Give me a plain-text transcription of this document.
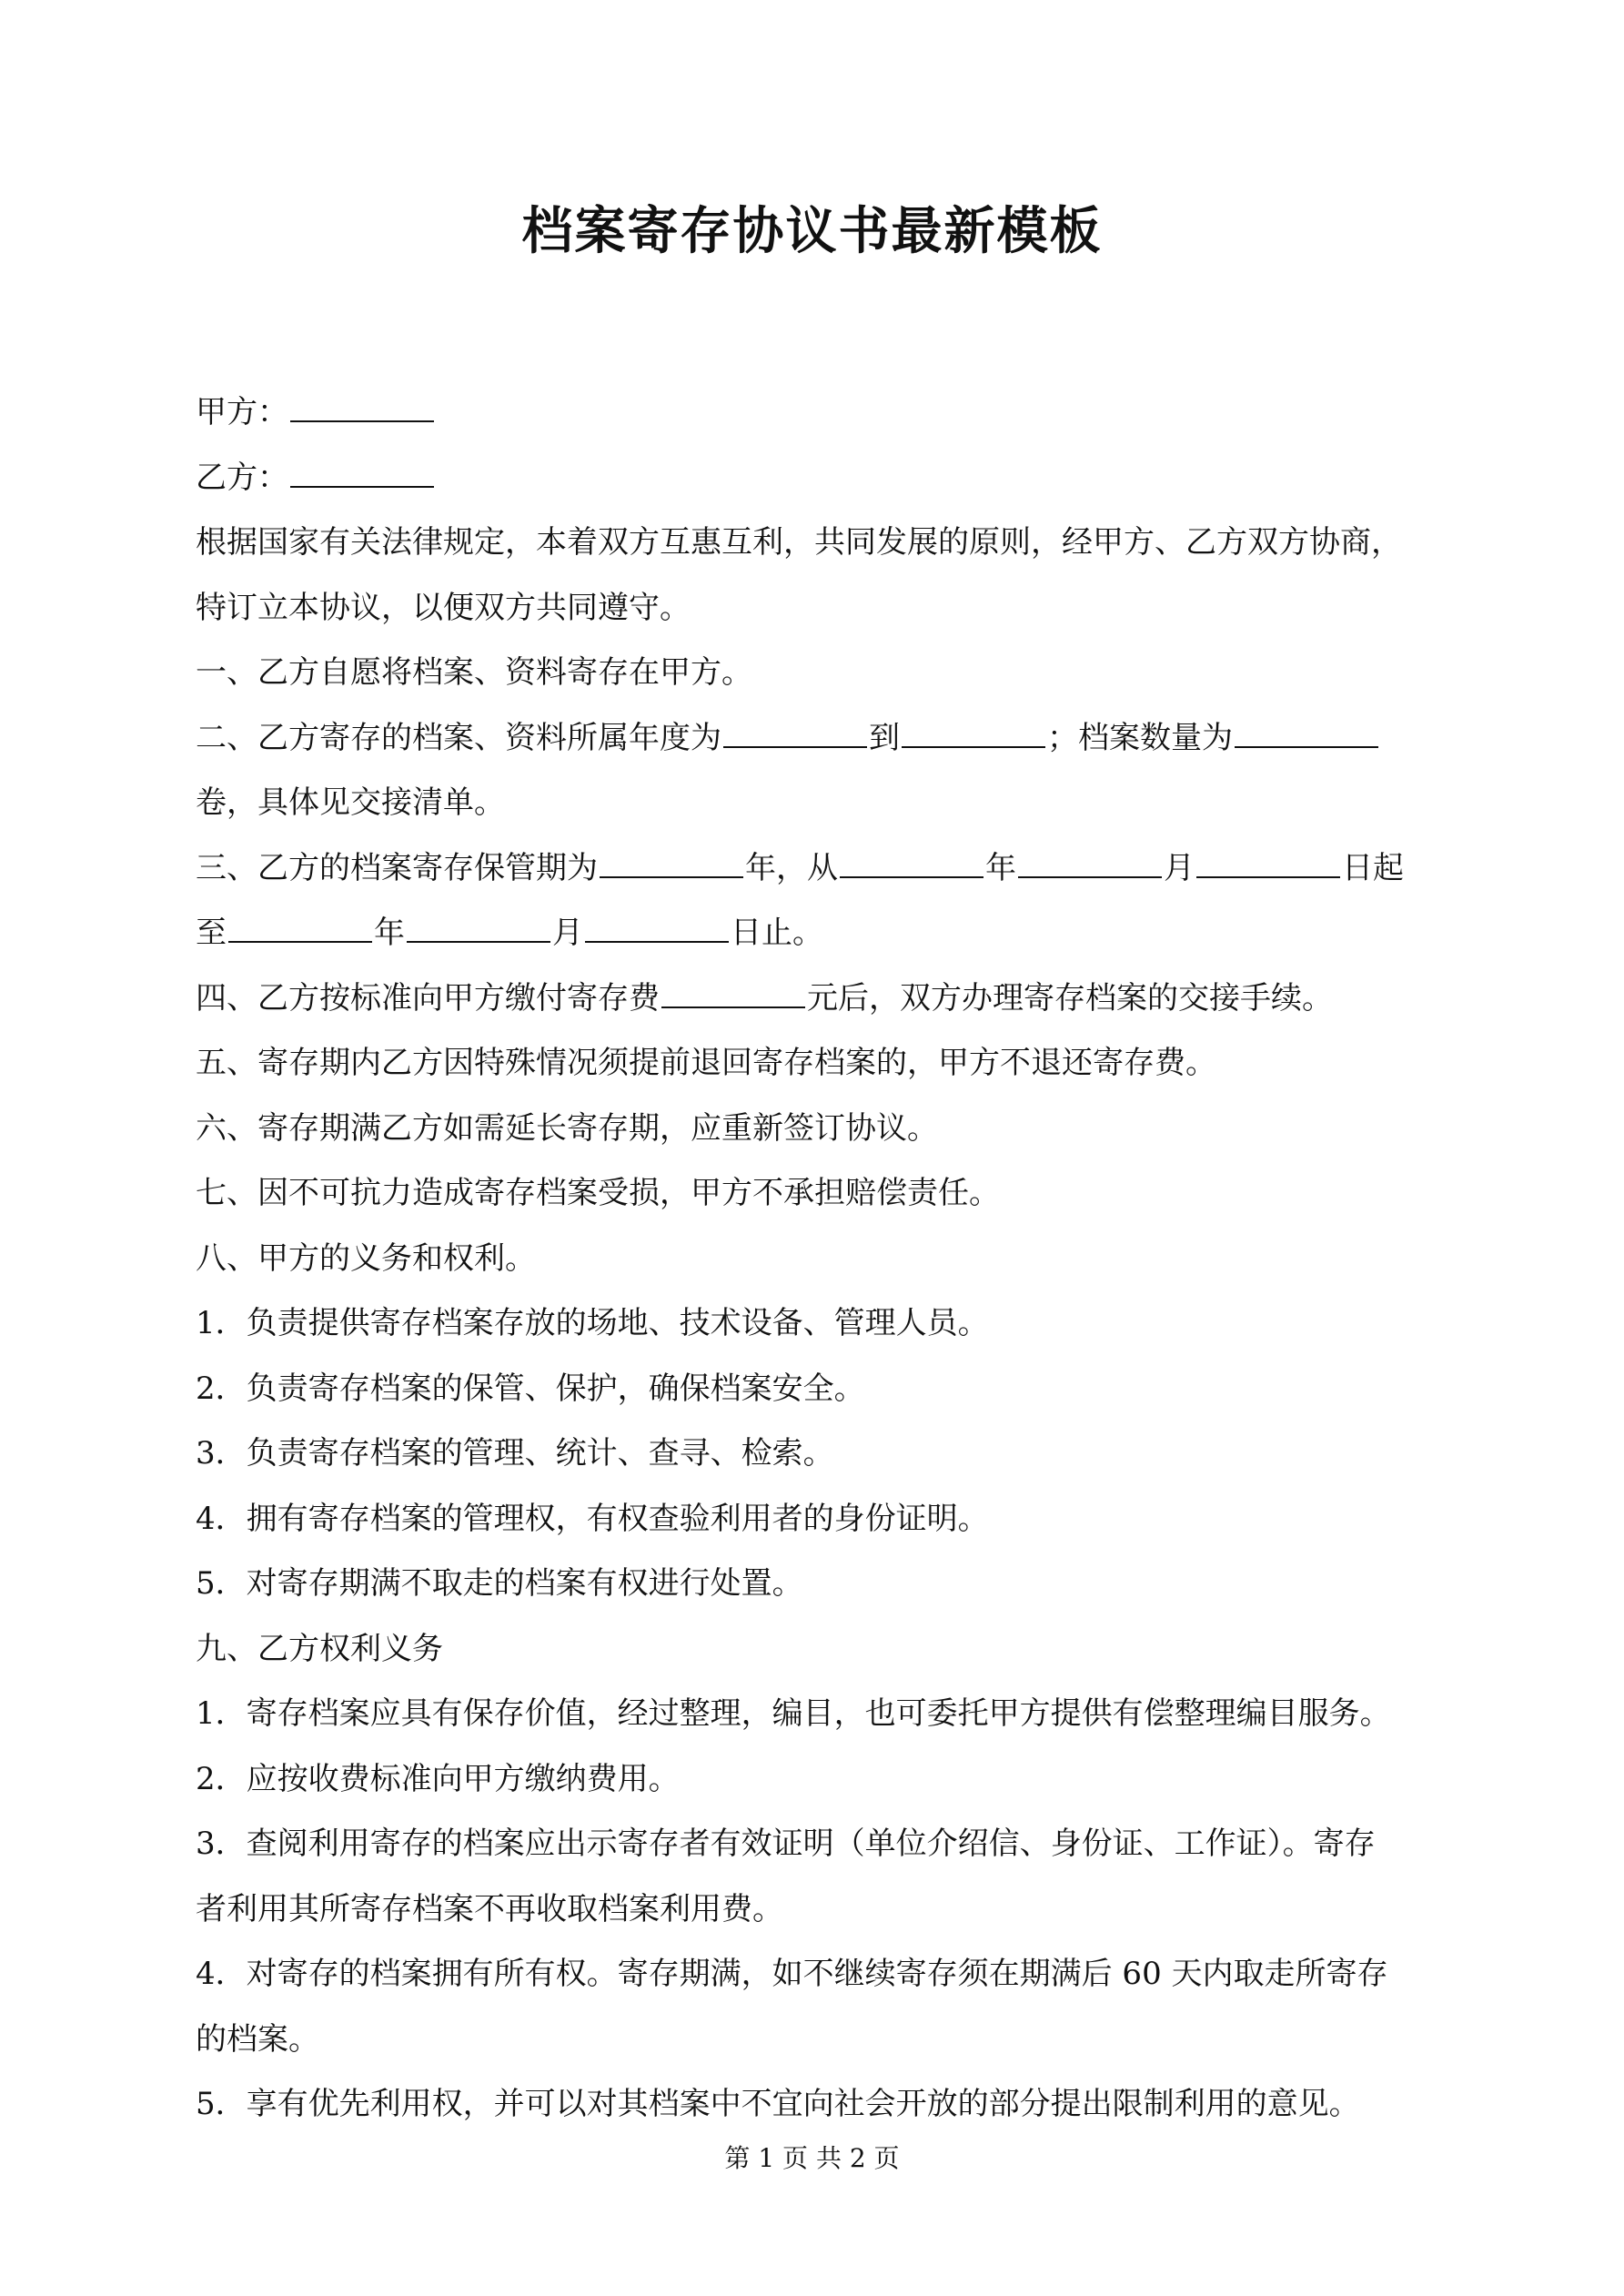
档案寄存协议书最新模板

甲方：

乙方：

根据国家有关法律规定，本着双方互惠互利，共同发展的原则，经甲方、乙方双方协商，

特订立本协议，以便双方共同遵守。

一、乙方自愿将档案、资料寄存在甲方。

二、乙方寄存的档案、资料所属年度为	到	；档案数量为

卷，具体见交接清单。

三、乙方的档案寄存保管期为	年，从	年	月	日起

至	年	月	日止。

四、乙方按标准向甲方缴付寄存费	元后，双方办理寄存档案的交接手续。

五、寄存期内乙方因特殊情况须提前退回寄存档案的，甲方不退还寄存费。

六、寄存期满乙方如需延长寄存期，应重新签订协议。

七、因不可抗力造成寄存档案受损，甲方不承担赔偿责任。

八、甲方的义务和权利。

1．负责提供寄存档案存放的场地、技术设备、管理人员。

2．负责寄存档案的保管、保护，确保档案安全。

3．负责寄存档案的管理、统计、查寻、检索。

4．拥有寄存档案的管理权，有权查验利用者的身份证明。

5．对寄存期满不取走的档案有权进行处置。

九、乙方权利义务

1．寄存档案应具有保存价值，经过整理，编目，也可委托甲方提供有偿整理编目服务。

2．应按收费标准向甲方缴纳费用。

3．查阅利用寄存的档案应出示寄存者有效证明（单位介绍信、身份证、工作证）。寄存

者利用其所寄存档案不再收取档案利用费。

4．对寄存的档案拥有所有权。寄存期满，如不继续寄存须在期满后 60 天内取走所寄存

的档案。

5．享有优先利用权，并可以对其档案中不宜向社会开放的部分提出限制利用的意见。

第 1 页 共 2 页
